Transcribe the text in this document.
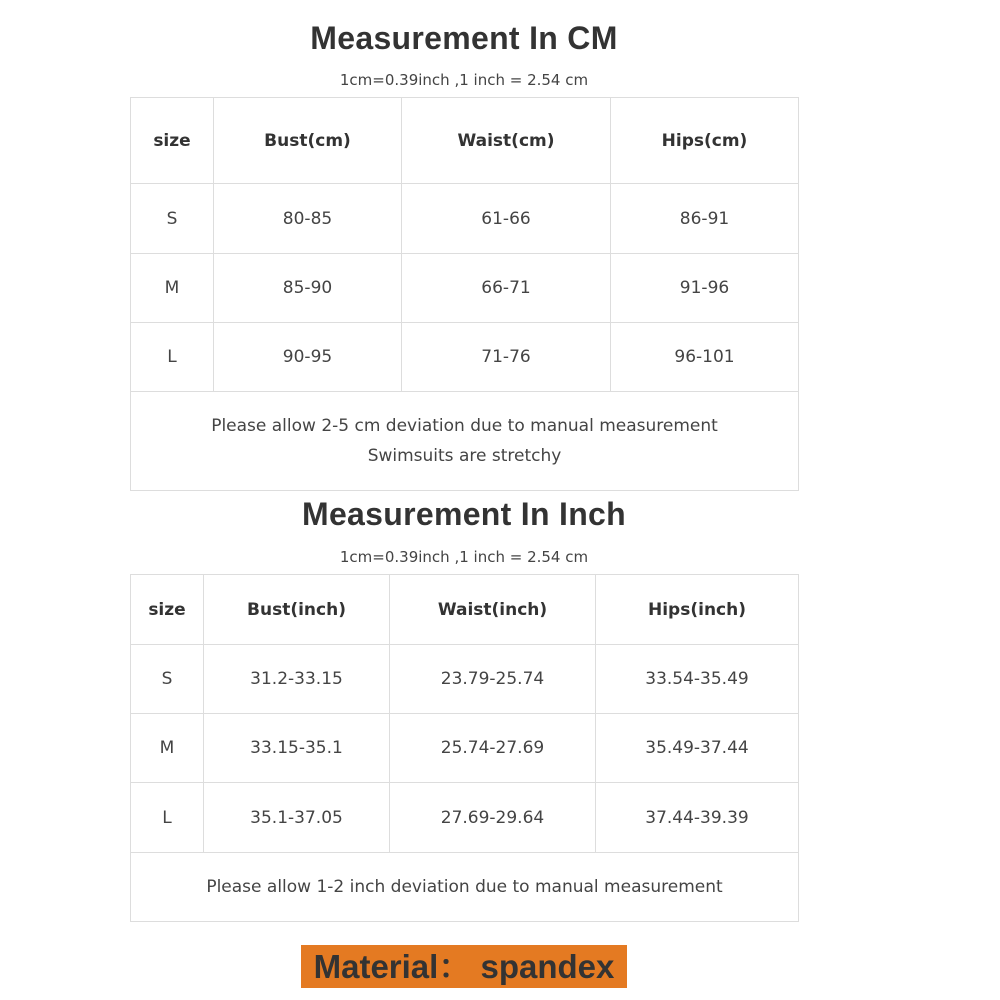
Measurement In CM
1cm=0.39inch ,1 inch = 2.54 cm
size	Bust(cm)	Waist(cm)	Hips(cm)
S	80-85	61-66	86-91
M	85-90	66-71	91-96
L	90-95	71-76	96-101

Please allow 2-5 cm deviation due to manual measurement
Swimsuits are stretchy			
Measurement In Inch
1cm=0.39inch ,1 inch = 2.54 cm
size	Bust(inch)	Waist(inch)	Hips(inch)
S	31.2-33.15	23.79-25.74	33.54-35.49
M	33.15-35.1	25.74-27.69	35.49-37.44
L	35.1-37.05	27.69-29.64	37.44-39.39
Please allow 1-2 inch deviation due to manual measurement			
Material： spandex
